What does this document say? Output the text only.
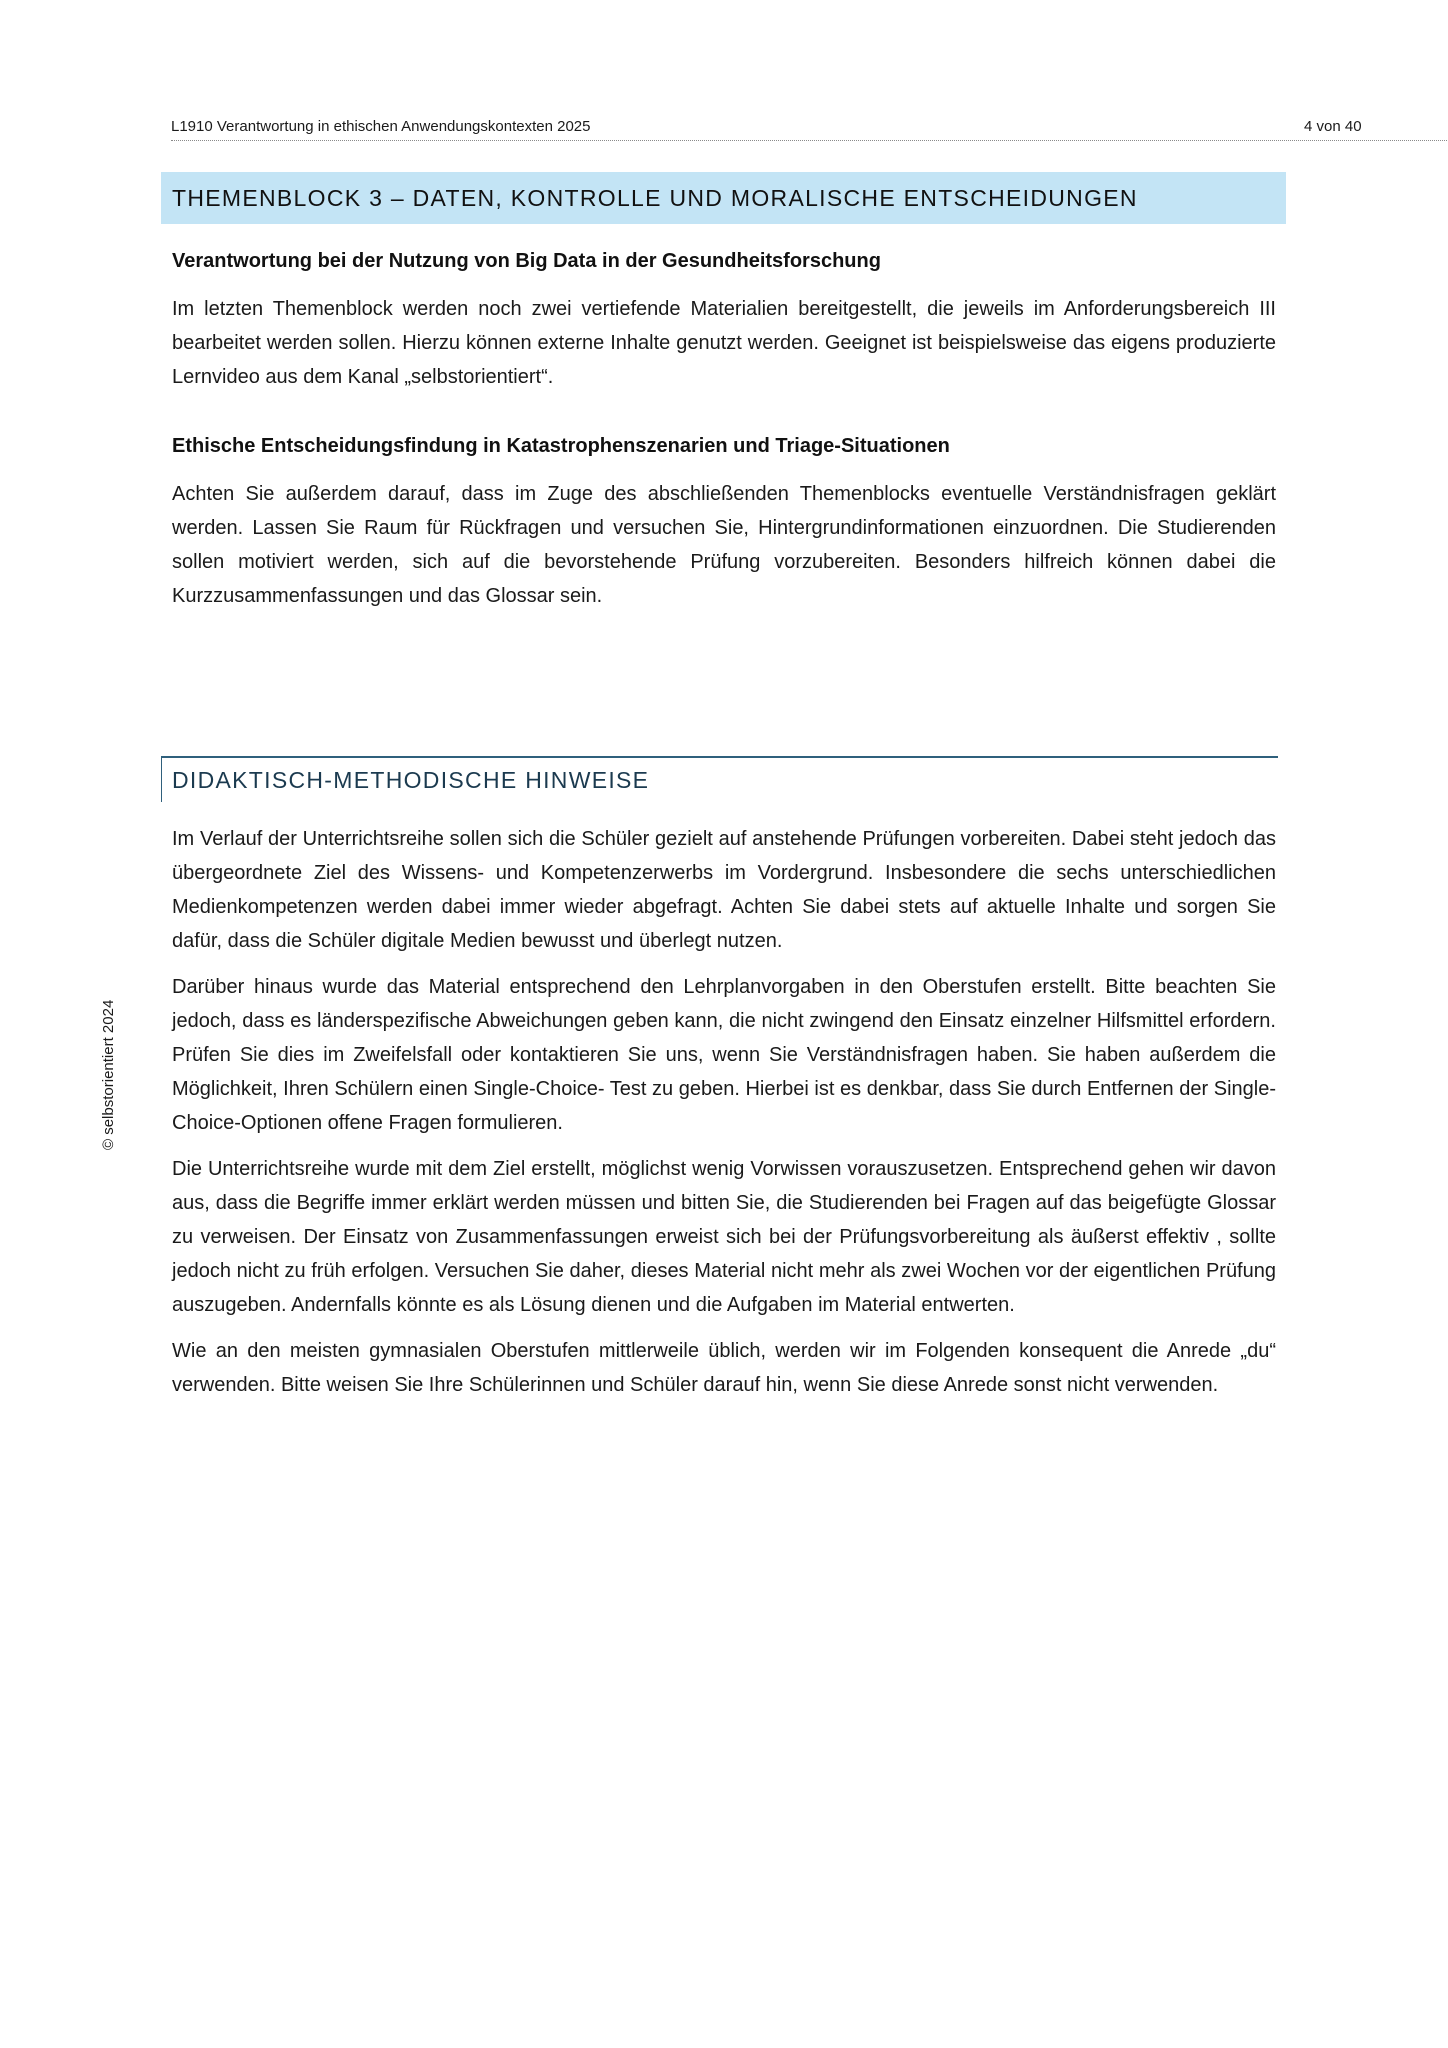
L1910 Verantwortung in ethischen Anwendungskontexten 2025	4 von 40
THEMENBLOCK 3 – DATEN, KONTROLLE UND MORALISCHE ENTSCHEIDUNGEN
Verantwortung bei der Nutzung von Big Data in der Gesundheitsforschung

Im letzten Themenblock werden noch zwei vertiefende Materialien bereitgestellt, die jeweils im Anforderungsbereich III bearbeitet werden sollen. Hierzu können externe Inhalte genutzt werden. Geeignet ist beispielsweise das eigens produzierte Lernvideo aus dem Kanal „selbstorientiert“.

Ethische Entscheidungsfindung in Katastrophenszenarien und Triage-Situationen

Achten Sie außerdem darauf, dass im Zuge des abschließenden Themenblocks eventuelle Verständnisfragen geklärt werden. Lassen Sie Raum für Rückfragen und versuchen Sie, Hintergrundinformationen einzuordnen. Die Studierenden sollen motiviert werden, sich auf die bevorstehende Prüfung vorzubereiten. Besonders hilfreich können dabei die Kurzzusammenfassungen und das Glossar sein.

DIDAKTISCH-METHODISCHE HINWEISE

Im Verlauf der Unterrichtsreihe sollen sich die Schüler gezielt auf anstehende Prüfungen vorbereiten. Dabei steht jedoch das übergeordnete Ziel des Wissens- und Kompetenzerwerbs im Vordergrund. Insbesondere die sechs unterschiedlichen Medienkompetenzen werden dabei immer wieder abgefragt. Achten Sie dabei stets auf aktuelle Inhalte und sorgen Sie dafür, dass die Schüler digitale Medien bewusst und überlegt nutzen.

Darüber hinaus wurde das Material entsprechend den Lehrplanvorgaben in den Oberstufen erstellt. Bitte beachten Sie jedoch, dass es länderspezifische Abweichungen geben kann, die nicht zwingend den Einsatz einzelner Hilfsmittel erfordern. Prüfen Sie dies im Zweifelsfall oder kontaktieren Sie uns, wenn Sie Verständnisfragen haben. Sie haben außerdem die Möglichkeit, Ihren Schülern einen Single-Choice- Test zu geben. Hierbei ist es denkbar, dass Sie durch Entfernen der Single-Choice-Optionen offene Fragen formulieren.

Die Unterrichtsreihe wurde mit dem Ziel erstellt, möglichst wenig Vorwissen vorauszusetzen. Entsprechend gehen wir davon aus, dass die Begriffe immer erklärt werden müssen und bitten Sie, die Studierenden bei Fragen auf das beigefügte Glossar zu verweisen. Der Einsatz von Zusammenfassungen erweist sich bei der Prüfungsvorbereitung als äußerst effektiv , sollte jedoch nicht zu früh erfolgen. Versuchen Sie daher, dieses Material nicht mehr als zwei Wochen vor der eigentlichen Prüfung auszugeben. Andernfalls könnte es als Lösung dienen und die Aufgaben im Material entwerten.

Wie an den meisten gymnasialen Oberstufen mittlerweile üblich, werden wir im Folgenden konsequent die Anrede „du“ verwenden. Bitte weisen Sie Ihre Schülerinnen und Schüler darauf hin, wenn Sie diese Anrede sonst nicht verwenden.

© selbstorientiert 2024
